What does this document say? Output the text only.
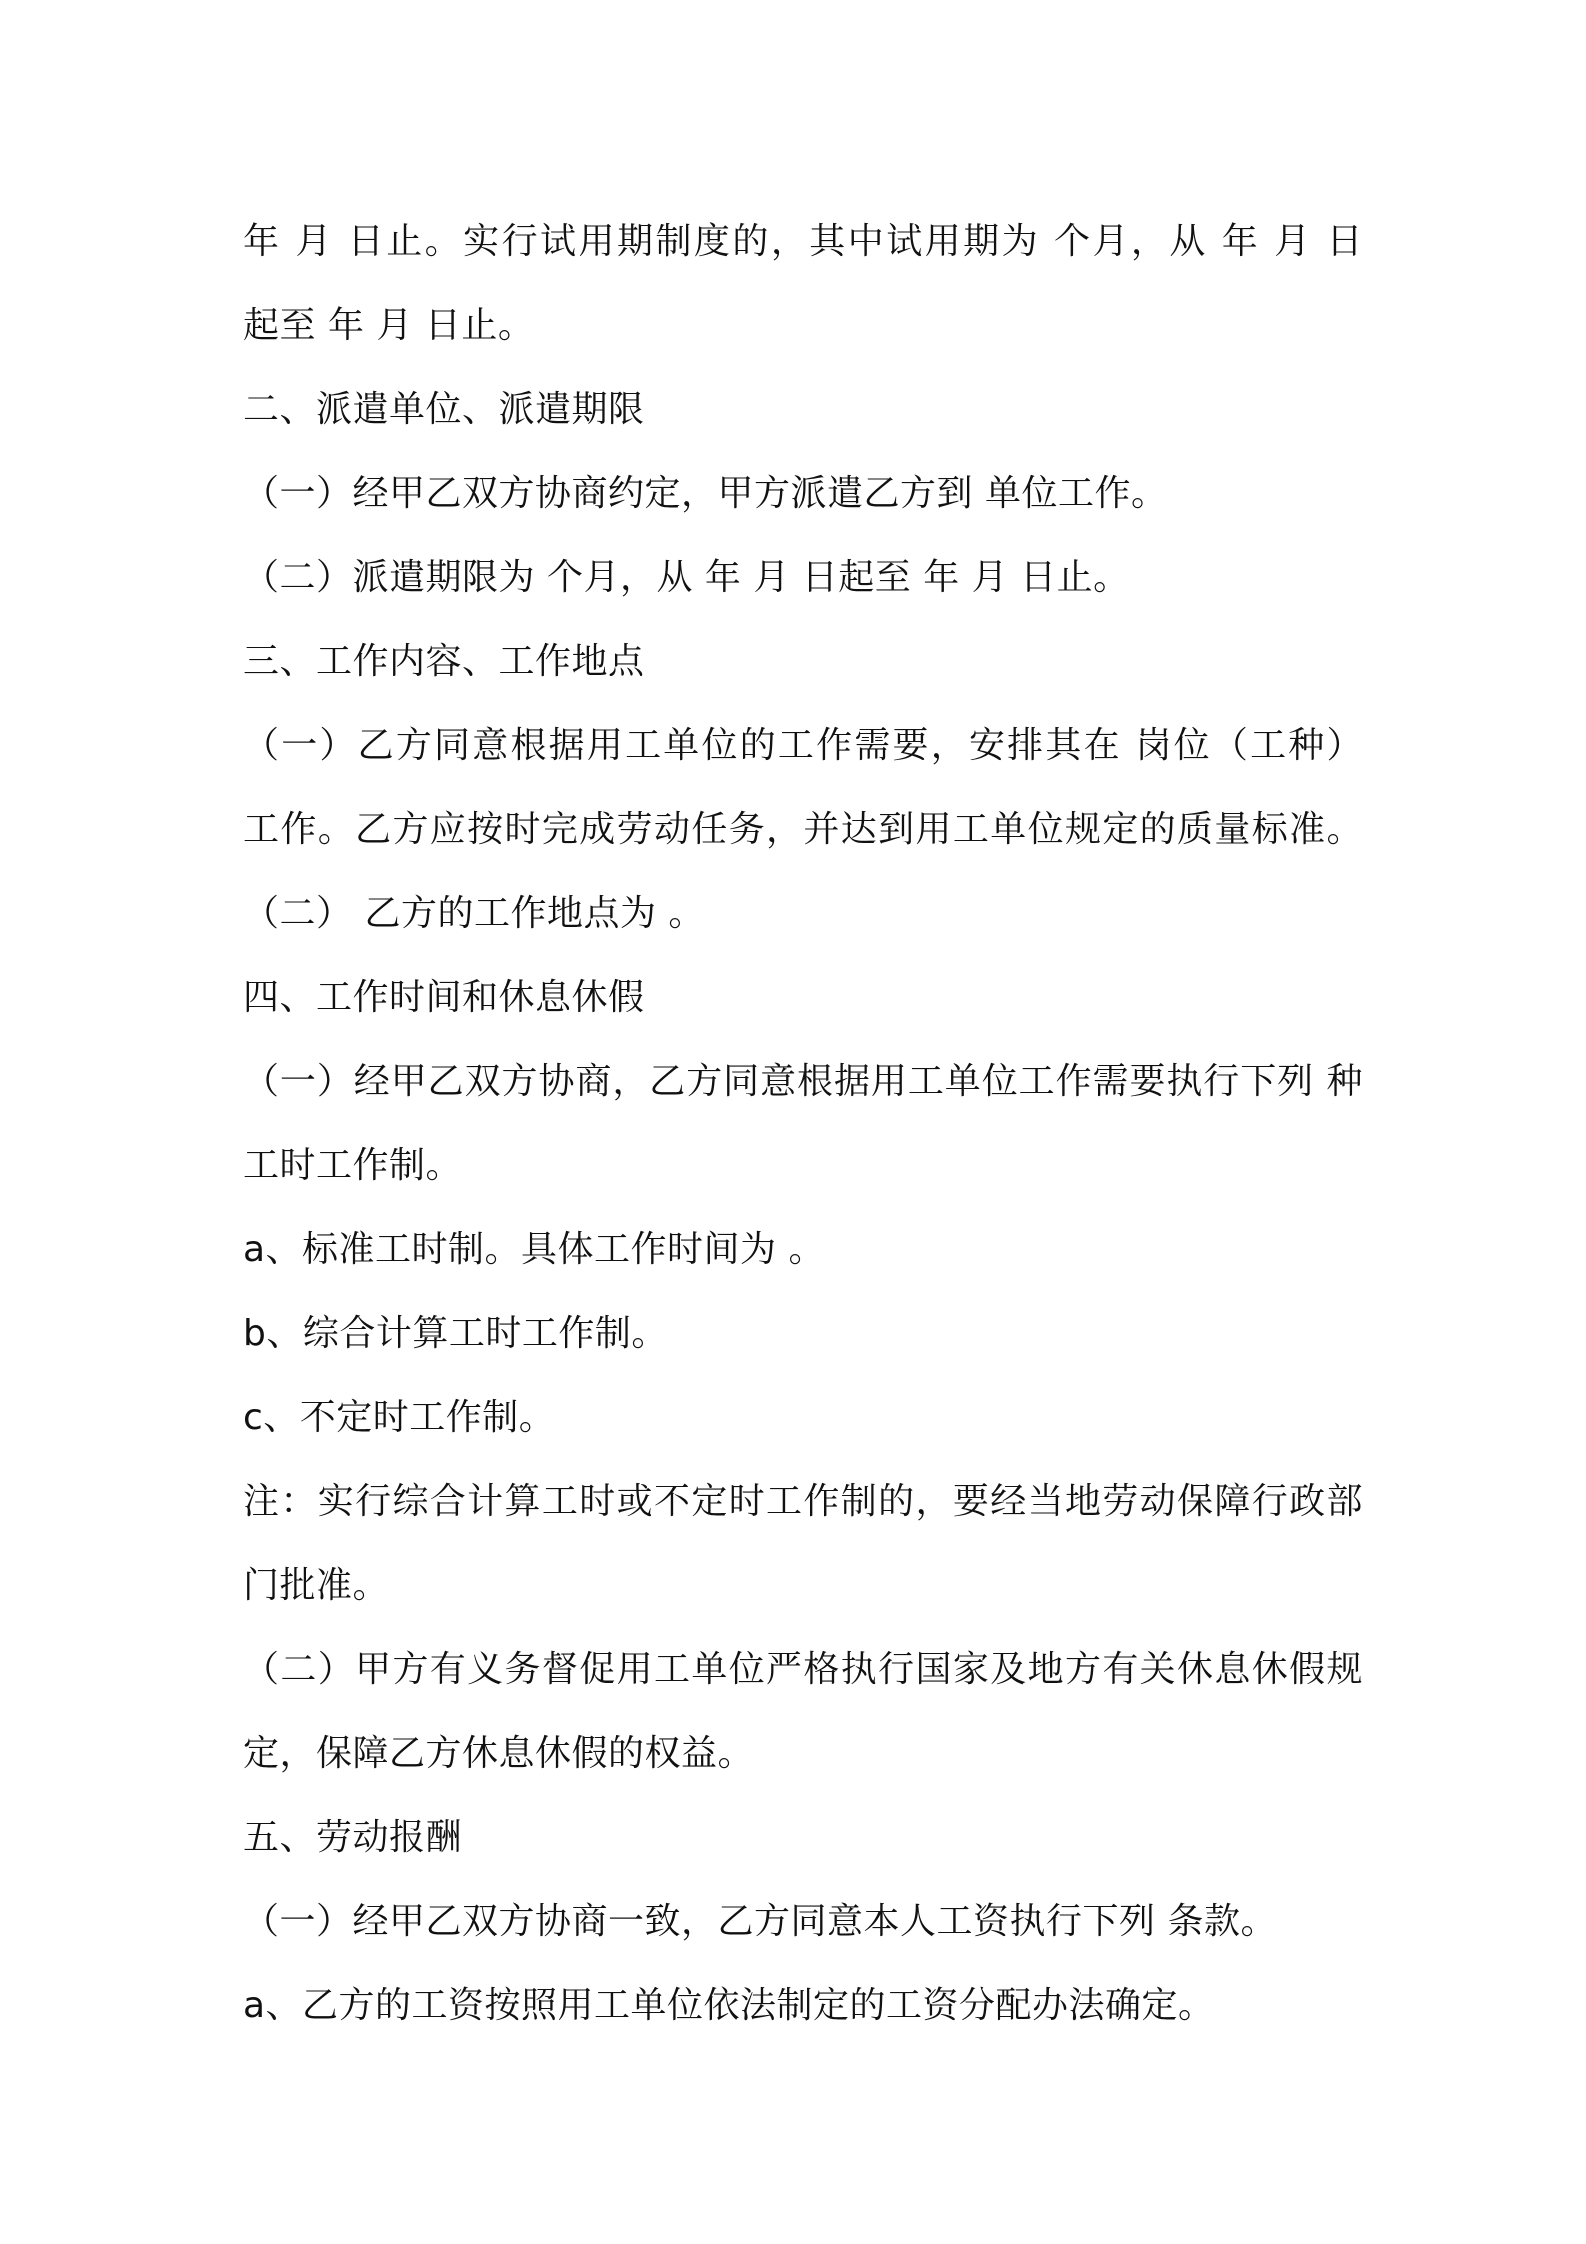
年 月 日止。实行试用期制度的，其中试用期为 个月，从 年 月 日
起至 年 月 日止。
二、派遣单位、派遣期限
（一）经甲乙双方协商约定，甲方派遣乙方到 单位工作。
（二）派遣期限为 个月，从 年 月 日起至 年 月 日止。
三、工作内容、工作地点
（一）乙方同意根据用工单位的工作需要，安排其在 岗位（工种）
工作。乙方应按时完成劳动任务，并达到用工单位规定的质量标准。
（二） 乙方的工作地点为 。
四、工作时间和休息休假
（一）经甲乙双方协商，乙方同意根据用工单位工作需要执行下列 种
工时工作制。
a、标准工时制。具体工作时间为 。
b、综合计算工时工作制。
c、不定时工作制。
注：实行综合计算工时或不定时工作制的，要经当地劳动保障行政部
门批准。
（二）甲方有义务督促用工单位严格执行国家及地方有关休息休假规
定，保障乙方休息休假的权益。
五、劳动报酬
（一）经甲乙双方协商一致，乙方同意本人工资执行下列 条款。
a、乙方的工资按照用工单位依法制定的工资分配办法确定。
